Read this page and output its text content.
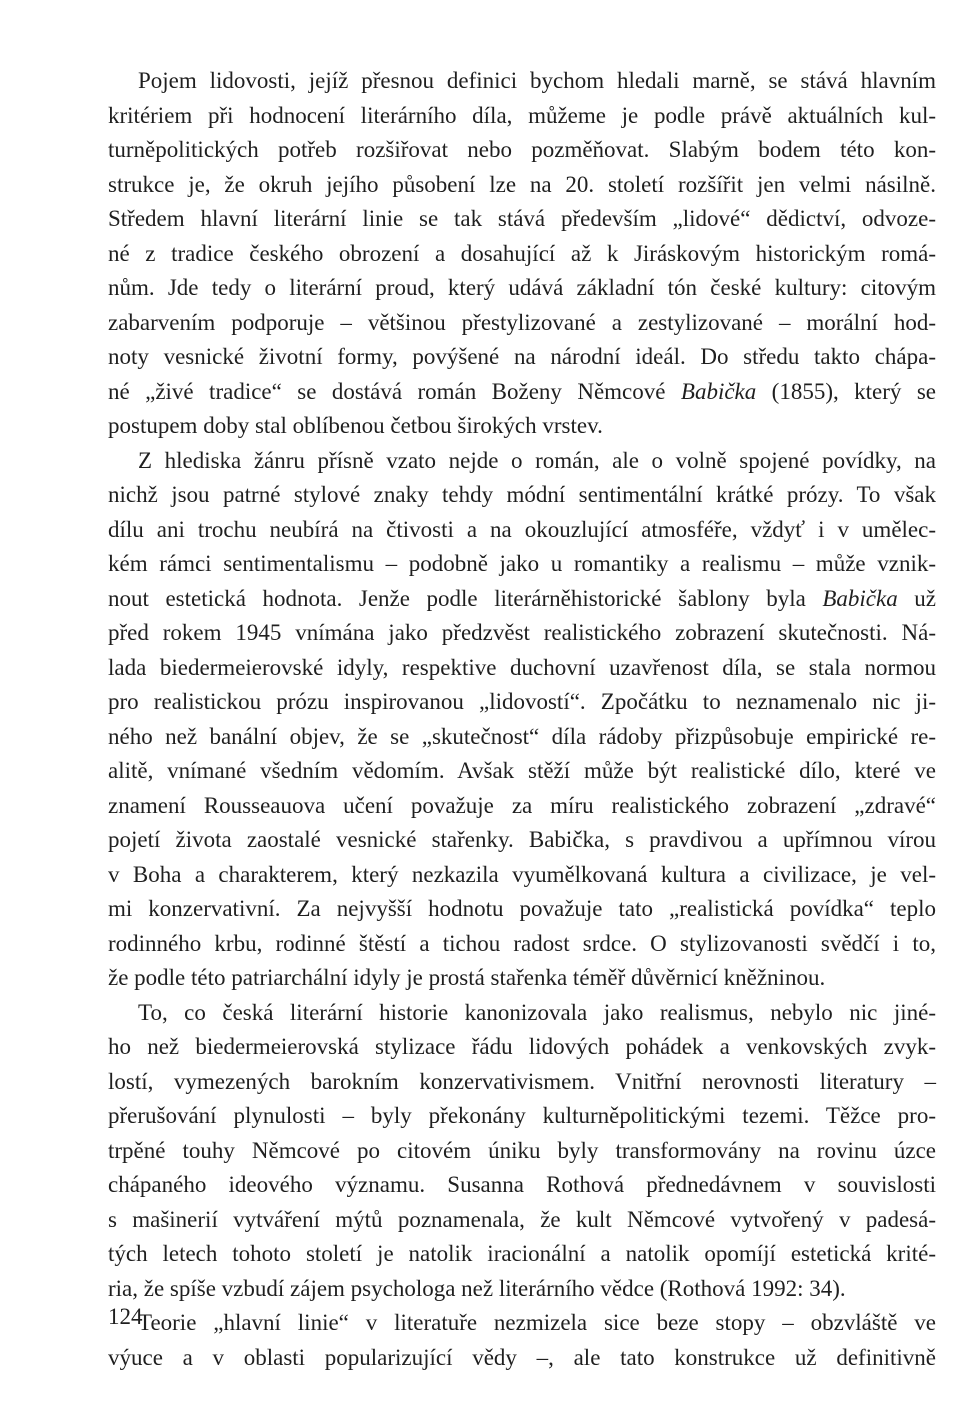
Pojem lidovosti, jejíž přesnou definici bychom hledali marně, se stává hlavním
kritériem při hodnocení literárního díla, můžeme je podle právě aktuálních kul-
turněpolitických potřeb rozšiřovat nebo pozměňovat. Slabým bodem této kon-
strukce je, že okruh jejího působení lze na 20. století rozšířit jen velmi násilně.
Středem hlavní literární linie se tak stává především „lidové“ dědictví, odvoze-
né z tradice českého obrození a dosahující až k Jiráskovým historickým romá-
nům. Jde tedy o literární proud, který udává základní tón české kultury: citovým
zabarvením podporuje – většinou přestylizované a zestylizované – morální hod-
noty vesnické životní formy, povýšené na národní ideál. Do středu takto chápa-
né „živé tradice“ se dostává román Boženy Němcové Babička (1855), který se
postupem doby stal oblíbenou četbou širokých vrstev.
Z hlediska žánru přísně vzato nejde o román, ale o volně spojené povídky, na
nichž jsou patrné stylové znaky tehdy módní sentimentální krátké prózy. To však
dílu ani trochu neubírá na čtivosti a na okouzlující atmosféře, vždyť i v umělec-
kém rámci sentimentalismu – podobně jako u romantiky a realismu – může vznik-
nout estetická hodnota. Jenže podle literárněhistorické šablony byla Babička už
před rokem 1945 vnímána jako předzvěst realistického zobrazení skutečnosti. Ná-
lada biedermeierovské idyly, respektive duchovní uzavřenost díla, se stala normou
pro realistickou prózu inspirovanou „lidovostí“. Zpočátku to neznamenalo nic ji-
ného než banální objev, že se „skutečnost“ díla rádoby přizpůsobuje empirické re-
alitě, vnímané všedním vědomím. Avšak stěží může být realistické dílo, které ve
znamení Rousseauova učení považuje za míru realistického zobrazení „zdravé“
pojetí života zaostalé vesnické stařenky. Babička, s pravdivou a upřímnou vírou
v Boha a charakterem, který nezkazila vyumělkovaná kultura a civilizace, je vel-
mi konzervativní. Za nejvyšší hodnotu považuje tato „realistická povídka“ teplo
rodinného krbu, rodinné štěstí a tichou radost srdce. O stylizovanosti svědčí i to,
že podle této patriarchální idyly je prostá stařenka téměř důvěrnicí kněžninou.
To, co česká literární historie kanonizovala jako realismus, nebylo nic jiné-
ho než biedermeierovská stylizace řádu lidových pohádek a venkovských zvyk-
lostí, vymezených barokním konzervativismem. Vnitřní nerovnosti literatury –
přerušování plynulosti – byly překonány kulturněpolitickými tezemi. Těžce pro-
trpěné touhy Němcové po citovém úniku byly transformovány na rovinu úzce
chápaného ideového významu. Susanna Rothová přednedávnem v souvislosti
s mašinerií vytváření mýtů poznamenala, že kult Němcové vytvořený v padesá-
tých letech tohoto století je natolik iracionální a natolik opomíjí estetická krité-
ria, že spíše vzbudí zájem psychologa než literárního vědce (Rothová 1992: 34).
Teorie „hlavní linie“ v literatuře nezmizela sice beze stopy – obzvláště ve
výuce a v oblasti popularizující vědy –, ale tato konstrukce už definitivně
124
